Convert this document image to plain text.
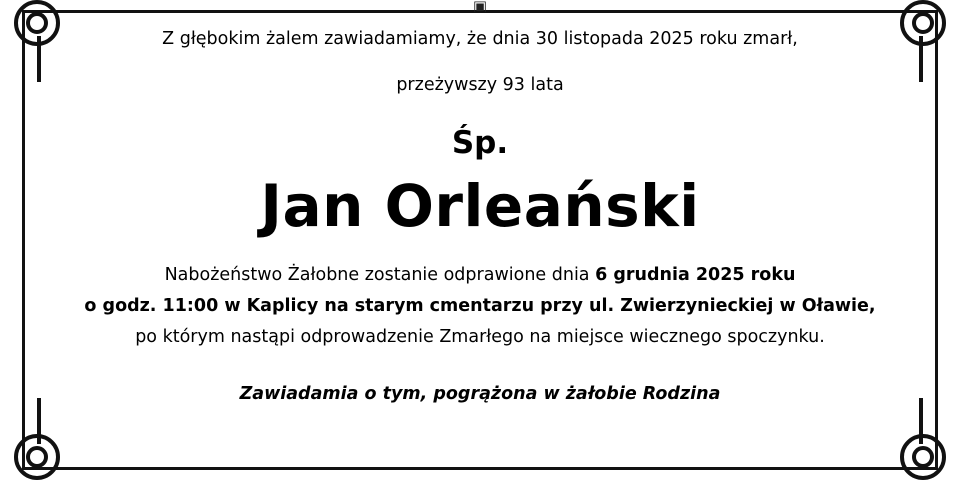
▣

Z głębokim żalem zawiadamiamy, że dnia 30 listopada 2025 roku zmarł,

przeżywszy 93 lata

Śp.

Jan Orleański

Nabożeństwo Żałobne zostanie odprawione dnia 6 grudnia 2025 roku

o godz. 11:00 w Kaplicy na starym cmentarzu przy ul. Zwierzynieckiej w Oławie,

po którym nastąpi odprowadzenie Zmarłego na miejsce wiecznego spoczynku.

Zawiadamia o tym, pogrążona w żałobie Rodzina
